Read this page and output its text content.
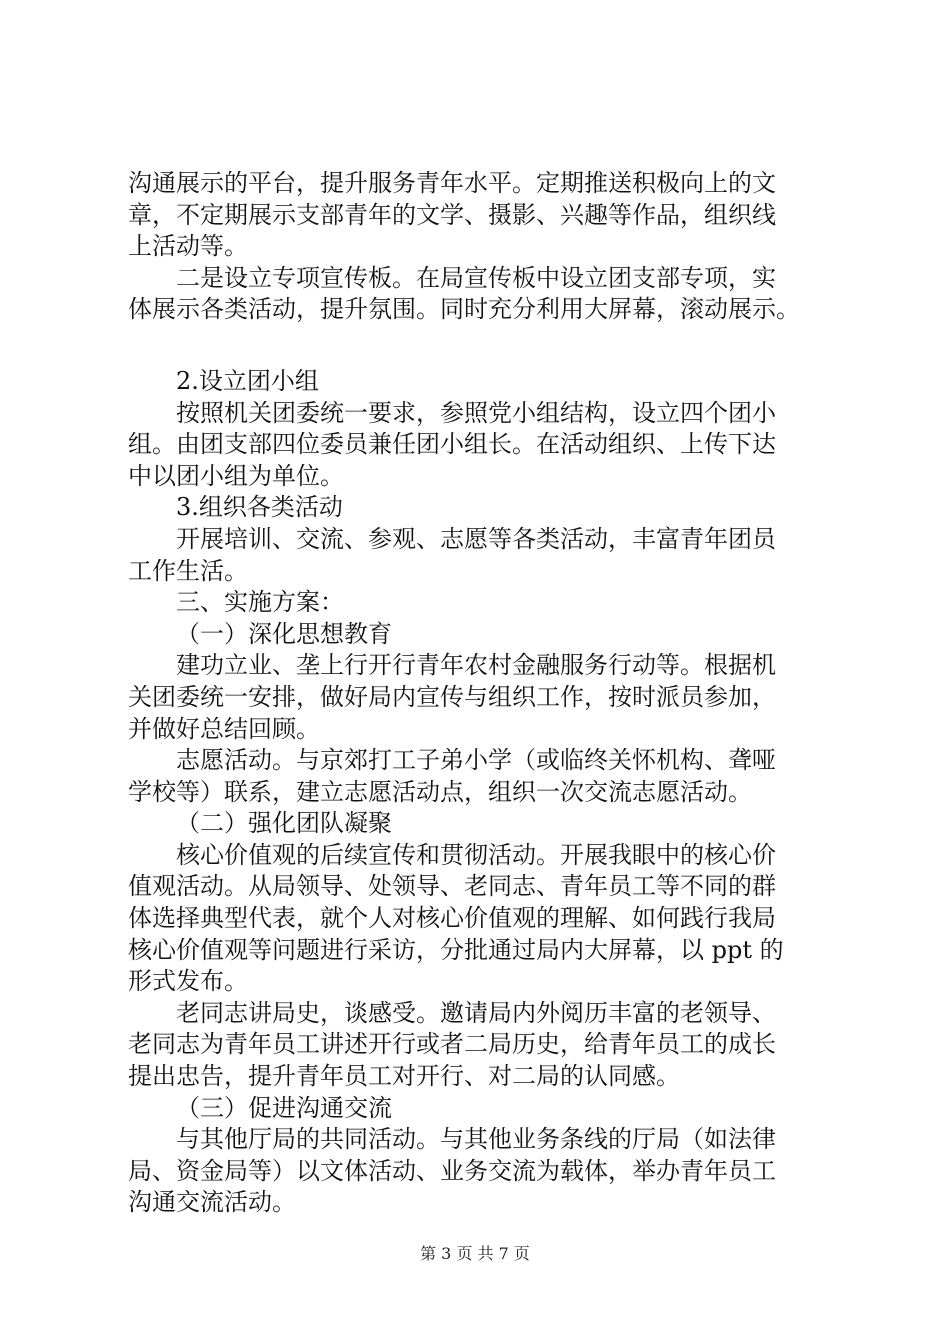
沟通展示的平台，提升服务青年水平。定期推送积极向上的文
章，不定期展示支部青年的文学、摄影、兴趣等作品，组织线
上活动等。
二是设立专项宣传板。在局宣传板中设立团支部专项，实
体展示各类活动，提升氛围。同时充分利用大屏幕，滚动展示。
2.设立团小组
按照机关团委统一要求，参照党小组结构，设立四个团小
组。由团支部四位委员兼任团小组长。在活动组织、上传下达
中以团小组为单位。
3.组织各类活动
开展培训、交流、参观、志愿等各类活动，丰富青年团员
工作生活。
三、实施方案：
（一）深化思想教育
建功立业、垄上行开行青年农村金融服务行动等。根据机
关团委统一安排，做好局内宣传与组织工作，按时派员参加，
并做好总结回顾。
志愿活动。与京郊打工子弟小学（或临终关怀机构、聋哑
学校等）联系，建立志愿活动点，组织一次交流志愿活动。
（二）强化团队凝聚
核心价值观的后续宣传和贯彻活动。开展我眼中的核心价
值观活动。从局领导、处领导、老同志、青年员工等不同的群
体选择典型代表，就个人对核心价值观的理解、如何践行我局
核心价值观等问题进行采访，分批通过局内大屏幕，以 ppt 的
形式发布。
老同志讲局史，谈感受。邀请局内外阅历丰富的老领导、
老同志为青年员工讲述开行或者二局历史，给青年员工的成长
提出忠告，提升青年员工对开行、对二局的认同感。
（三）促进沟通交流
与其他厅局的共同活动。与其他业务条线的厅局（如法律
局、资金局等）以文体活动、业务交流为载体，举办青年员工
沟通交流活动。
第 3 页 共 7 页
